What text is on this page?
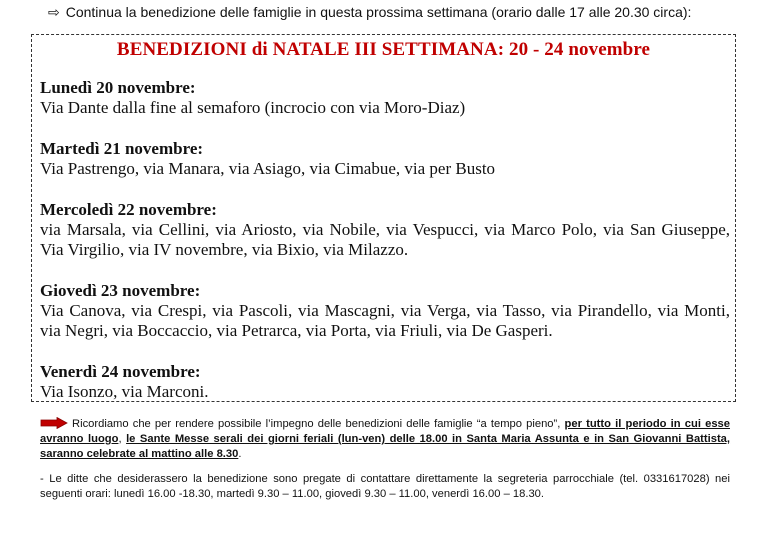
⇨ Continua la benedizione delle famiglie in questa prossima settimana (orario dalle 17 alle 20.30 circa):
BENEDIZIONI di NATALE III SETTIMANA: 20 - 24 novembre
Lunedì 20 novembre:
Via Dante dalla fine al semaforo (incrocio con via Moro-Diaz)
Martedì 21 novembre:
Via Pastrengo, via Manara, via Asiago, via Cimabue, via per Busto
Mercoledì 22 novembre:
via Marsala, via Cellini, via Ariosto, via Nobile, via Vespucci, via Marco Polo, via San Giuseppe, Via Virgilio, via IV novembre, via Bixio, via Milazzo.
Giovedì 23 novembre:
Via Canova, via Crespi, via Pascoli, via Mascagni, via Verga, via Tasso, via Pirandello, via Monti, via Negri, via Boccaccio, via Petrarca, via Porta, via Friuli, via De Gasperi.
Venerdì 24 novembre:
Via Isonzo, via Marconi.
Ricordiamo che per rendere possibile l’impegno delle benedizioni delle famiglie “a tempo pieno”, per tutto il periodo in cui esse avranno luogo, le Sante Messe serali dei giorni feriali (lun-ven) delle 18.00 in Santa Maria Assunta e in San Giovanni Battista, saranno celebrate al mattino alle 8.30.
- Le ditte che desiderassero la benedizione sono pregate di contattare direttamente la segreteria parrocchiale (tel. 0331617028) nei seguenti orari: lunedì 16.00 -18.30, martedì 9.30 – 11.00, giovedì 9.30 – 11.00, venerdì 16.00 – 18.30.
